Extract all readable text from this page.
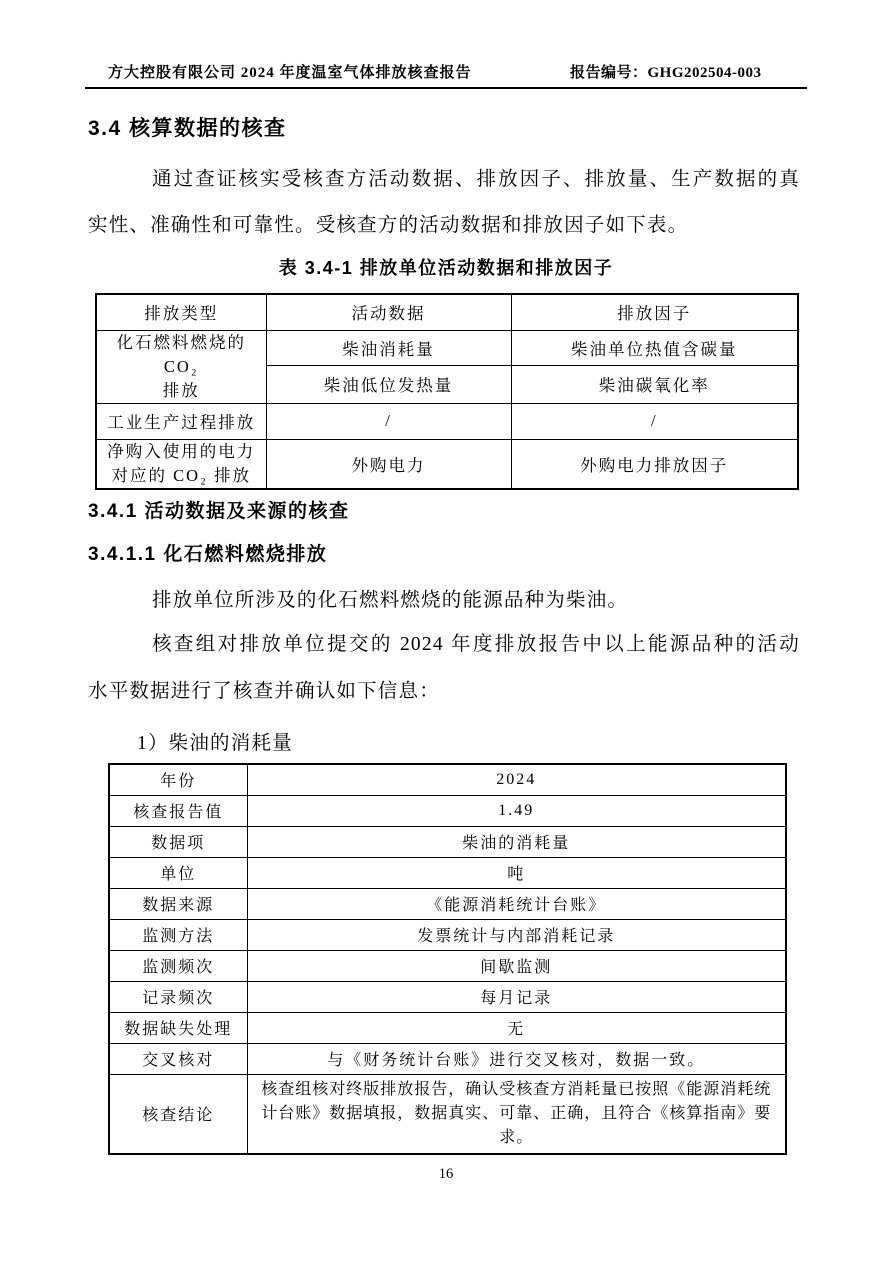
方大控股有限公司 2024 年度温室气体排放核查报告	报告编号：GHG202504-003
3.4 核算数据的核查
通过查证核实受核查方活动数据、排放因子、排放量、生产数据的真
实性、准确性和可靠性。受核查方的活动数据和排放因子如下表。
表 3.4-1 排放单位活动数据和排放因子
排放类型	活动数据	排放因子

化石燃料燃烧的 CO₂
排放	柴油消耗量	柴油单位热值含碳量
	柴油低位发热量	柴油碳氧化率
工业生产过程排放	/	/

净购入使用的电力
对应的 CO₂ 排放	外购电力	外购电力排放因子
3.4.1 活动数据及来源的核查
3.4.1.1 化石燃料燃烧排放
排放单位所涉及的化石燃料燃烧的能源品种为柴油。
核查组对排放单位提交的 2024 年度排放报告中以上能源品种的活动
水平数据进行了核查并确认如下信息：
1）柴油的消耗量
年份	2024
核查报告值	1.49
数据项	柴油的消耗量
单位	吨
数据来源	《能源消耗统计台账》
监测方法	发票统计与内部消耗记录
监测频次	间歇监测
记录频次	每月记录
数据缺失处理	无
交叉核对	与《财务统计台账》进行交叉核对，数据一致。
核查结论	核查组核对终版排放报告，确认受核查方消耗量已按照《能源消耗统计台账》数据填报，数据真实、可靠、正确，且符合《核算指南》要求。
16
